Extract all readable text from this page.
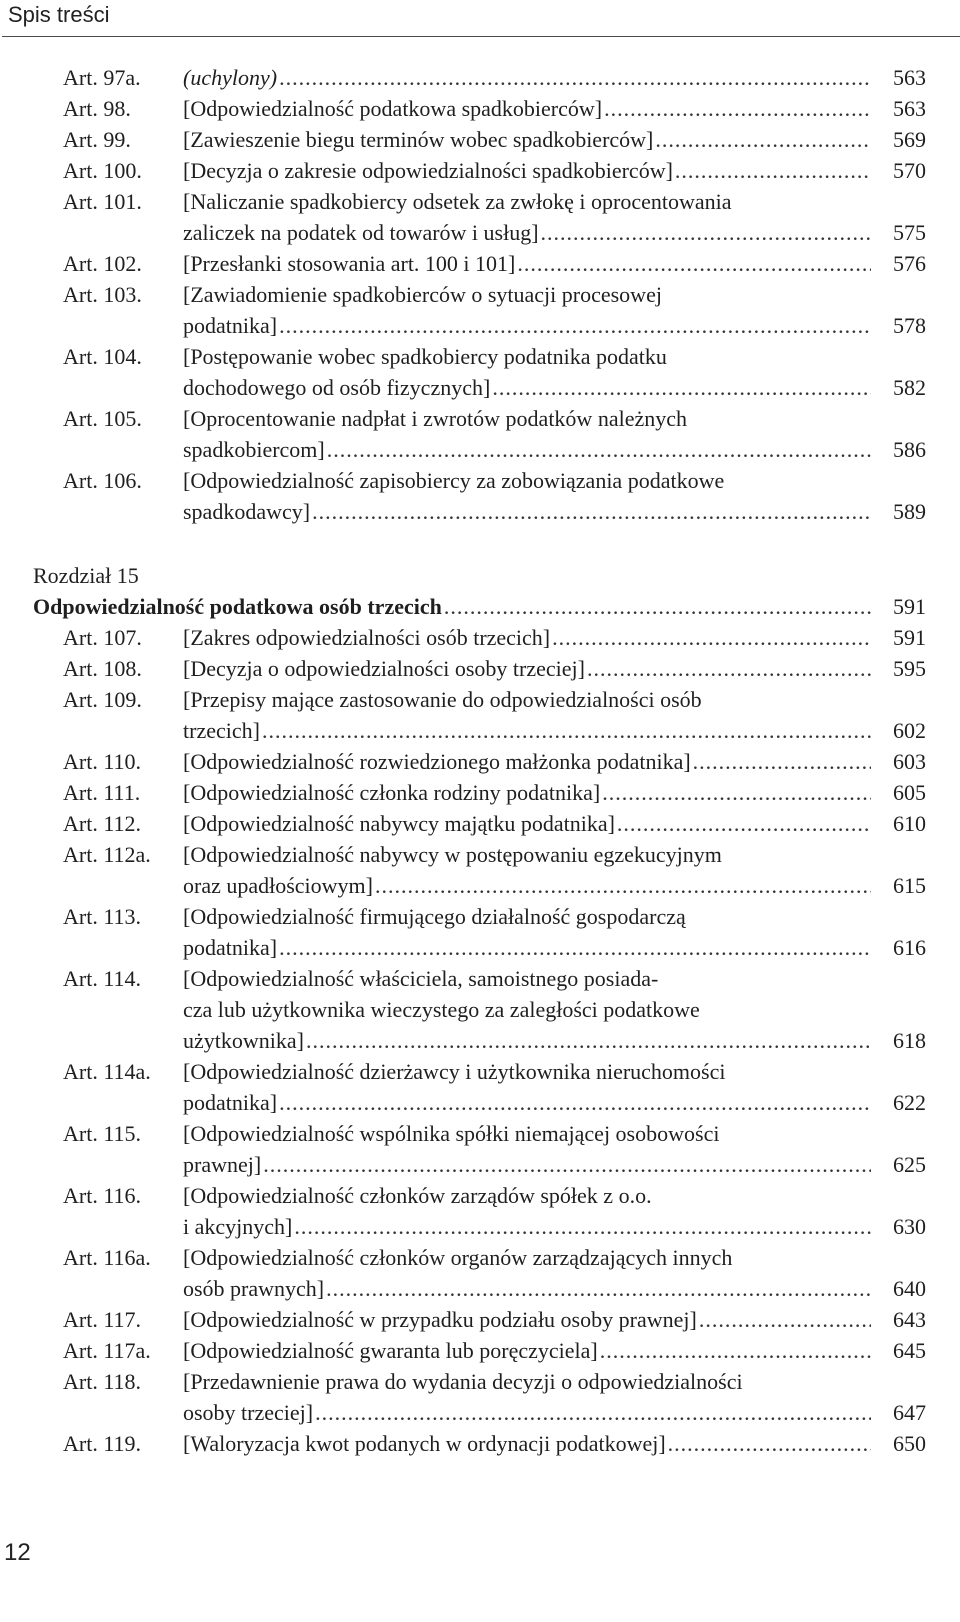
Spis treści
Art. 97a.	(uchylony) .....	563
Art. 98.	[Odpowiedzialność podatkowa spadkobierców] .....	563
Art. 99.	[Zawieszenie biegu terminów wobec spadkobierców] .....	569
Art. 100.	[Decyzja o zakresie odpowiedzialności spadkobierców] .....	570
Art. 101.	[Naliczanie spadkobiercy odsetek za zwłokę i oprocentowania
zaliczek na podatek od towarów i usług] .....	575
Art. 102.	[Przesłanki stosowania art. 100 i 101] .....	576
Art. 103.	[Zawiadomienie spadkobierców o sytuacji procesowej
podatnika] .....	578
Art. 104.	[Postępowanie wobec spadkobiercy podatnika podatku
dochodowego od osób fizycznych] .....	582
Art. 105.	[Oprocentowanie nadpłat i zwrotów podatków należnych
spadkobiercom] .....	586
Art. 106.	[Odpowiedzialność zapisobiercy za zobowiązania podatkowe
spadkodawcy] .....	589
Rozdział 15
Odpowiedzialność podatkowa osób trzecich .....	591
Art. 107.	[Zakres odpowiedzialności osób trzecich] .....	591
Art. 108.	[Decyzja o odpowiedzialności osoby trzeciej] .....	595
Art. 109.	[Przepisy mające zastosowanie do odpowiedzialności osób
trzecich] .....	602
Art. 110.	[Odpowiedzialność rozwiedzionego małżonka podatnika] .....	603
Art. 111.	[Odpowiedzialność członka rodziny podatnika] .....	605
Art. 112.	[Odpowiedzialność nabywcy majątku podatnika] .....	610
Art. 112a.	[Odpowiedzialność nabywcy w postępowaniu egzekucyjnym
oraz upadłościowym] .....	615
Art. 113.	[Odpowiedzialność firmującego działalność gospodarczą
podatnika] .....	616
Art. 114.	[Odpowiedzialność właściciela, samoistnego posiada-
cza lub użytkownika wieczystego za zaległości podatkowe
użytkownika] .....	618
Art. 114a.	[Odpowiedzialność dzierżawcy i użytkownika nieruchomości
podatnika] .....	622
Art. 115.	[Odpowiedzialność wspólnika spółki niemającej osobowości
prawnej] .....	625
Art. 116.	[Odpowiedzialność członków zarządów spółek z o.o.
i akcyjnych] .....	630
Art. 116a.	[Odpowiedzialność członków organów zarządzających innych
osób prawnych] .....	640
Art. 117.	[Odpowiedzialność w przypadku podziału osoby prawnej] .....	643
Art. 117a.	[Odpowiedzialność gwaranta lub poręczyciela] .....	645
Art. 118.	[Przedawnienie prawa do wydania decyzji o odpowiedzialności
osoby trzeciej] .....	647
Art. 119.	[Waloryzacja kwot podanych w ordynacji podatkowej] .....	650
12
